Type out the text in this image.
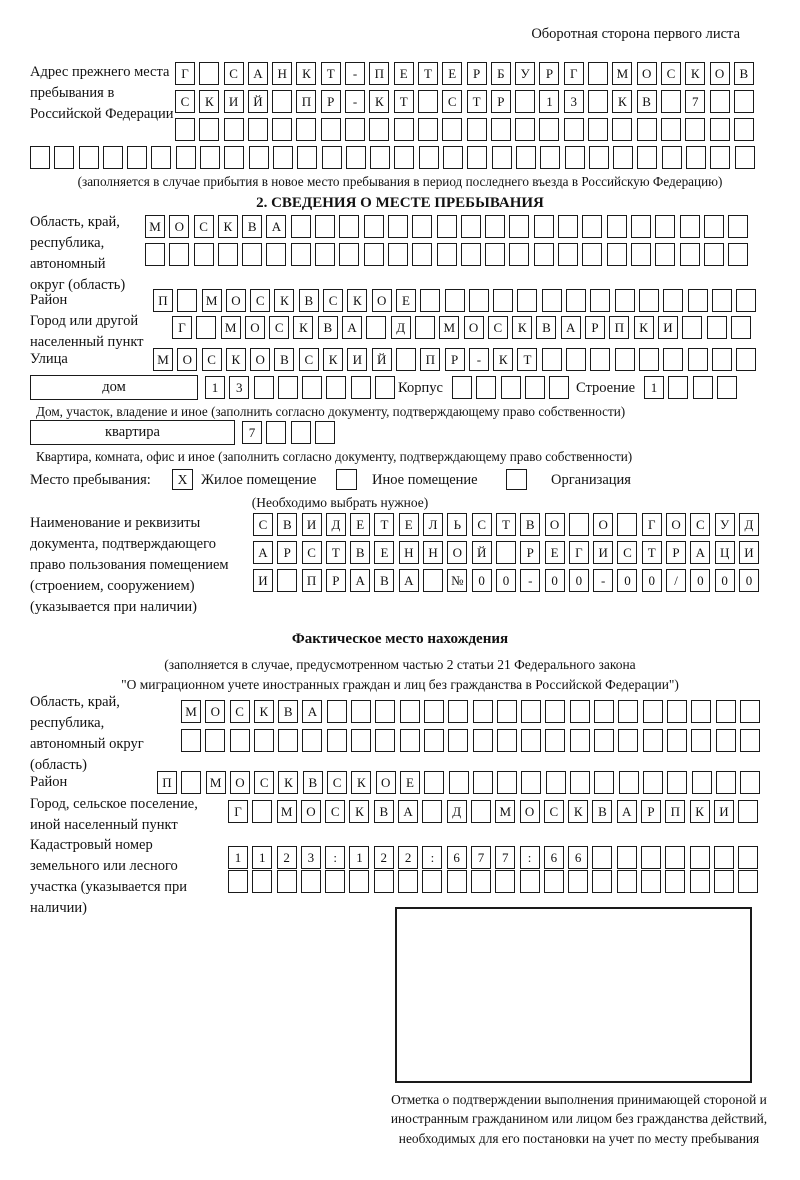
Оборотная сторона первого листа
Адрес прежнего места пребывания в Российской Федерации
Г	С	А	Н	К	Т	-	П	Е	Т	Е	Р	Б	У	Р	Г	М	О	С	К	О	В
С	К	И	Й	П	Р	-	К	Т	С	Т	Р	1	3	К	В	7
(заполняется в случае прибытия в новое место пребывания в период последнего въезда в Российскую Федерацию)
2. СВЕДЕНИЯ О МЕСТЕ ПРЕБЫВАНИЯ
Область, край, республика, автономный округ (область)
М	О	С	К	В	А
Район	П	М	О	С	К	В	С	К	О	Е
Город или другой населенный пункт
Г	М	О	С	К	В	А	Д	М	О	С	К	В	А	Р	П	К	И
Улица	М	О	С	К	О	В	С	К	И	Й	П	Р	-	К	Т
дом	1	3	Корпус	Строение	1
Дом, участок, владение и иное (заполнить согласно документу, подтверждающему право собственности)
квартира	7
Квартира, комната, офис и иное (заполнить согласно документу, подтверждающему право собственности)
Место пребывания:	X Жилое помещение	Иное помещение	Организация
(Необходимо выбрать нужное)
Наименование и реквизиты документа, подтверждающего право пользования помещением (строением, сооружением) (указывается при наличии)
С	В	И	Д	Е	Т	Е	Л	Ь	С	Т	В	О	О	Г	О	С	У	Д
А	Р	С	Т	В	Е	Н	Н	О	Й	Р	Е	Г	И	С	Т	Р	А	Ц	И
И	П	Р	А	В	А	№	0	0	-	0	0	-	0	0	/	0	0	0
Фактическое место нахождения
(заполняется в случае, предусмотренном частью 2 статьи 21 Федерального закона
"О миграционном учете иностранных граждан и лиц без гражданства в Российской Федерации")
Область, край, республика, автономный округ (область)
М	О	С	К	В	А
Район	П	М	О	С	К	В	С	К	О	Е
Город, сельское поселение, иной населенный пункт
Г	М	О	С	К	В	А	Д	М	О	С	К	В	А	Р	П	К	И
Кадастровый номер земельного или лесного участка (указывается при наличии)
1	1	2	3	:	1	2	2	:	6	7	7	:	6	6
Отметка о подтверждении выполнения принимающей стороной и иностранным гражданином или лицом без гражданства действий, необходимых для его постановки на учет по месту пребывания
